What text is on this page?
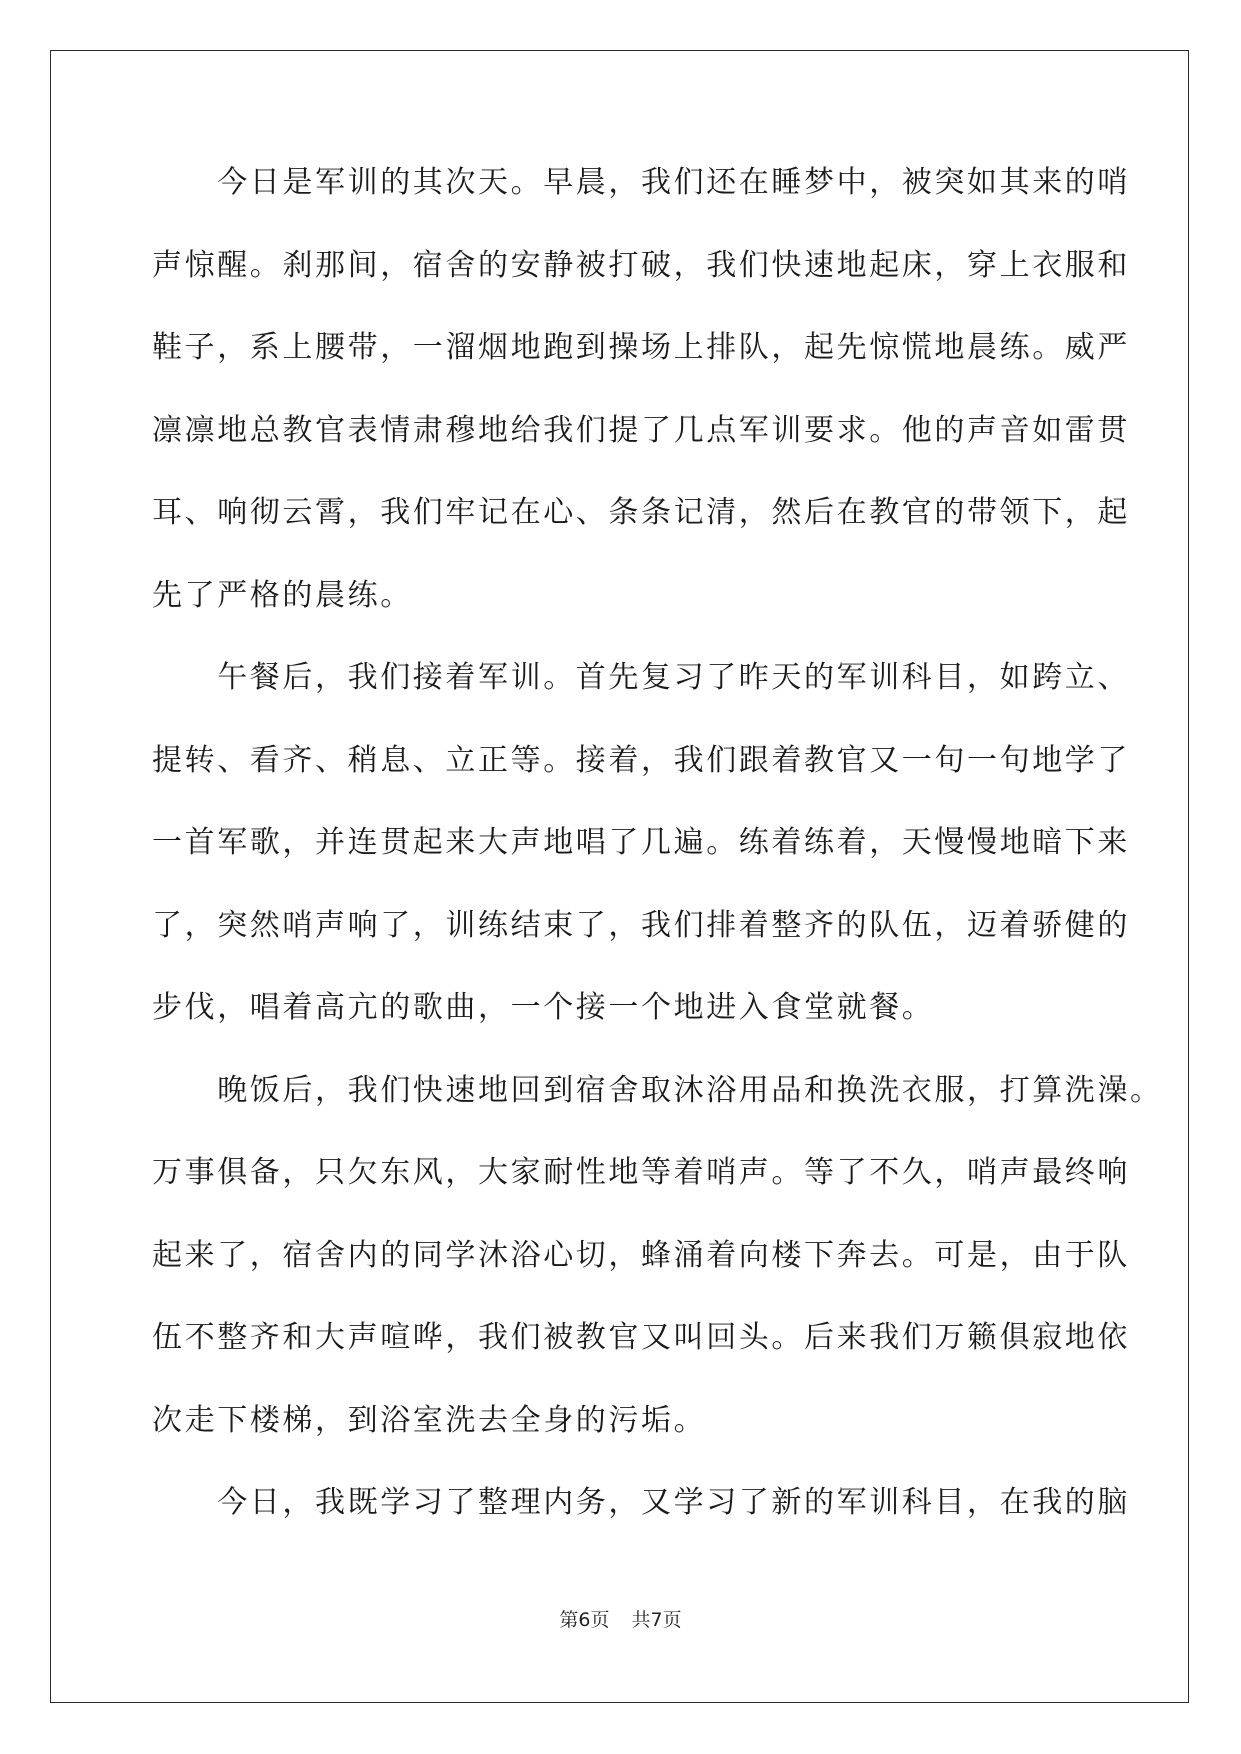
　　今日是军训的其次天。早晨，我们还在睡梦中，被突如其来的哨
声惊醒。刹那间，宿舍的安静被打破，我们快速地起床，穿上衣服和
鞋子，系上腰带，一溜烟地跑到操场上排队，起先惊慌地晨练。威严
凛凛地总教官表情肃穆地给我们提了几点军训要求。他的声音如雷贯
耳、响彻云霄，我们牢记在心、条条记清，然后在教官的带领下，起
先了严格的晨练。
　　午餐后，我们接着军训。首先复习了昨天的军训科目，如跨立、
提转、看齐、稍息、立正等。接着，我们跟着教官又一句一句地学了
一首军歌，并连贯起来大声地唱了几遍。练着练着，天慢慢地暗下来
了，突然哨声响了，训练结束了，我们排着整齐的队伍，迈着骄健的
步伐，唱着高亢的歌曲，一个接一个地进入食堂就餐。
　　晚饭后，我们快速地回到宿舍取沐浴用品和换洗衣服，打算洗澡。
万事俱备，只欠东风，大家耐性地等着哨声。等了不久，哨声最终响
起来了，宿舍内的同学沐浴心切，蜂涌着向楼下奔去。可是，由于队
伍不整齐和大声喧哗，我们被教官又叫回头。后来我们万籁俱寂地依
次走下楼梯，到浴室洗去全身的污垢。
　　今日，我既学习了整理内务，又学习了新的军训科目，在我的脑
第6页 共7页
